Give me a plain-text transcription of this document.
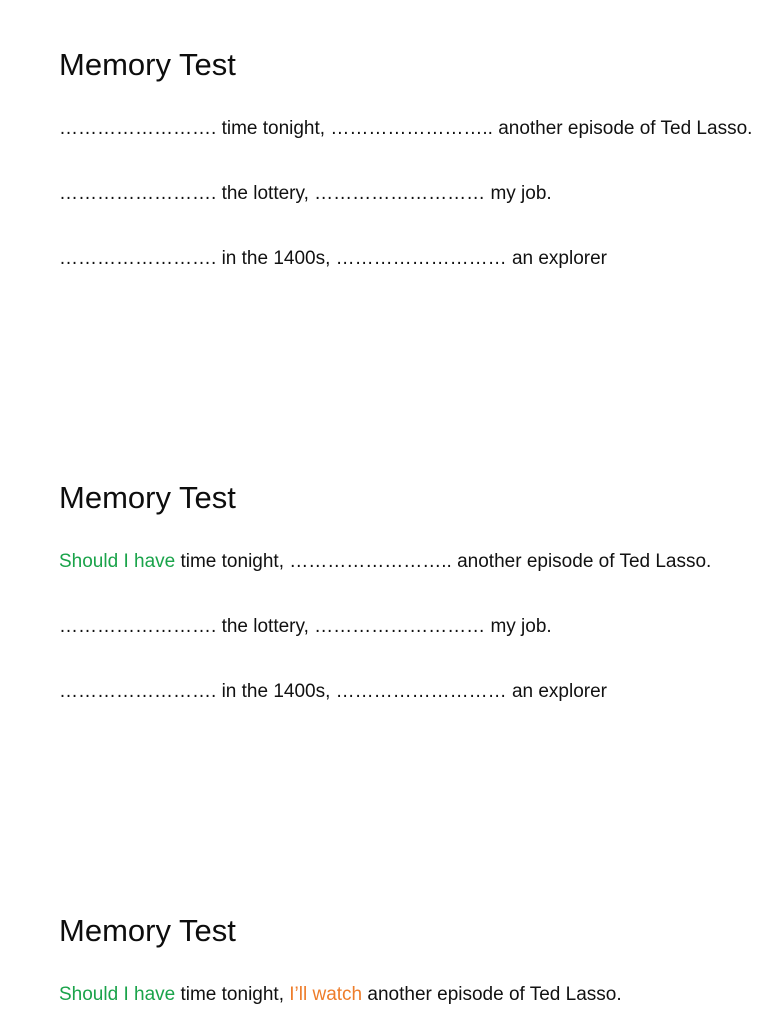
Memory Test
……………………. time tonight, …………………….. another episode of Ted Lasso.
……………………. the lottery, ……………………… my job.
……………………. in the 1400s, ……………………… an explorer
Memory Test
Should I have time tonight, …………………….. another episode of Ted Lasso.
……………………. the lottery, ……………………… my job.
……………………. in the 1400s, ……………………… an explorer
Memory Test
Should I have time tonight, I’ll watch another episode of Ted Lasso.
